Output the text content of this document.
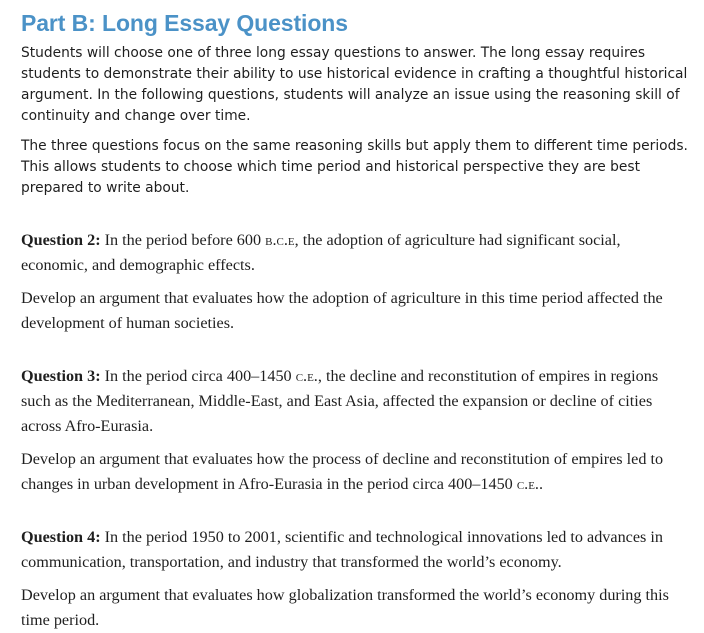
Part B: Long Essay Questions

Students will choose one of three long essay questions to answer. The long essay requires students to demonstrate their ability to use historical evidence in crafting a thoughtful historical argument. In the following questions, students will analyze an issue using the reasoning skill of continuity and change over time.

The three questions focus on the same reasoning skills but apply them to different time periods. This allows students to choose which time period and historical perspective they are best prepared to write about.

Question 2: In the period before 600 b.c.e, the adoption of agriculture had significant social, economic, and demographic effects.

Develop an argument that evaluates how the adoption of agriculture in this time period affected the development of human societies.

Question 3: In the period circa 400–1450 c.e., the decline and reconstitution of empires in regions such as the Mediterranean, Middle-East, and East Asia, affected the expansion or decline of cities across Afro-Eurasia.

Develop an argument that evaluates how the process of decline and reconstitution of empires led to changes in urban development in Afro-Eurasia in the period circa 400–1450 c.e..

Question 4: In the period 1950 to 2001, scientific and technological innovations led to advances in communication, transportation, and industry that transformed the world’s economy.

Develop an argument that evaluates how globalization transformed the world’s economy during this time period.
